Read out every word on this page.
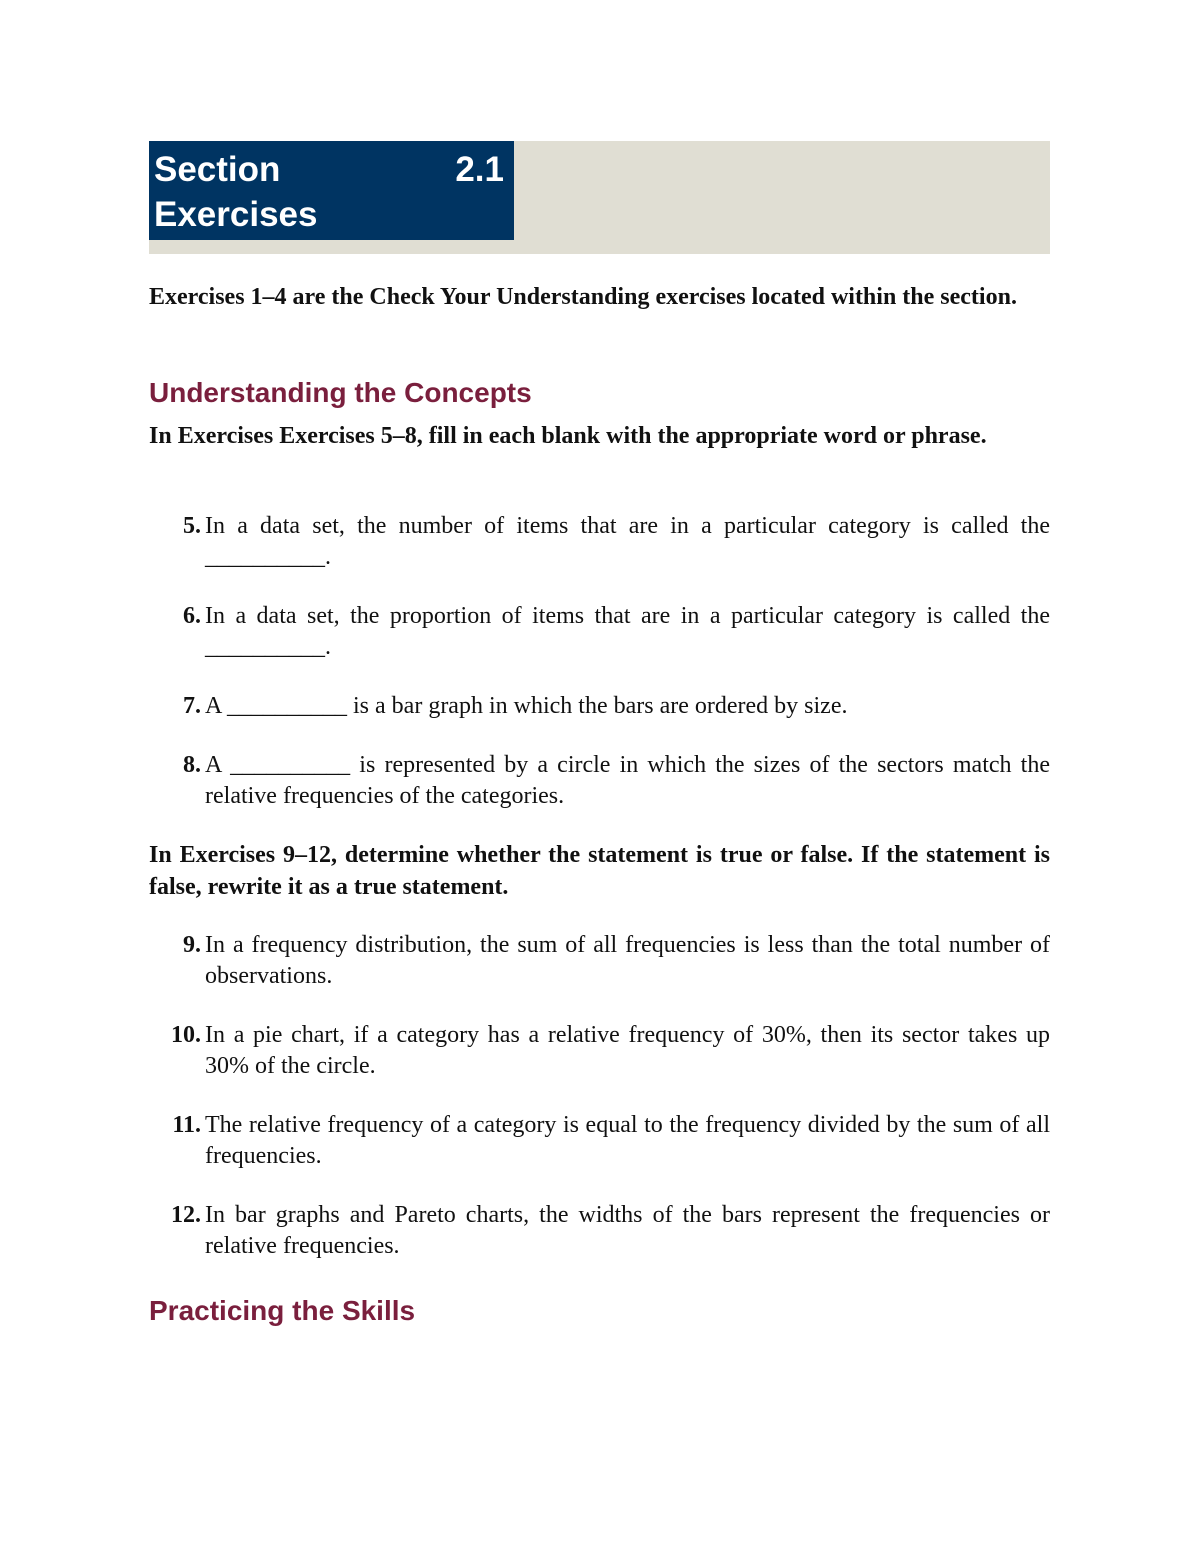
Section	2.1
Exercises

Exercises 1–4 are the Check Your Understanding exercises located within the section.

Understanding the Concepts

In Exercises Exercises 5–8, fill in each blank with the appropriate word or phrase.

5. In a data set, the number of items that are in a particular category is called the __________.
6. In a data set, the proportion of items that are in a particular category is called the __________.
7. A __________ is a bar graph in which the bars are ordered by size.
8. A __________ is represented by a circle in which the sizes of the sectors match the relative frequencies of the categories.

In Exercises 9–12, determine whether the statement is true or false. If the statement is false, rewrite it as a true statement.

9. In a frequency distribution, the sum of all frequencies is less than the total number of observations.
10. In a pie chart, if a category has a relative frequency of 30%, then its sector takes up 30% of the circle.
11. The relative frequency of a category is equal to the frequency divided by the sum of all frequencies.
12. In bar graphs and Pareto charts, the widths of the bars represent the frequencies or relative frequencies.
Practicing the Skills
